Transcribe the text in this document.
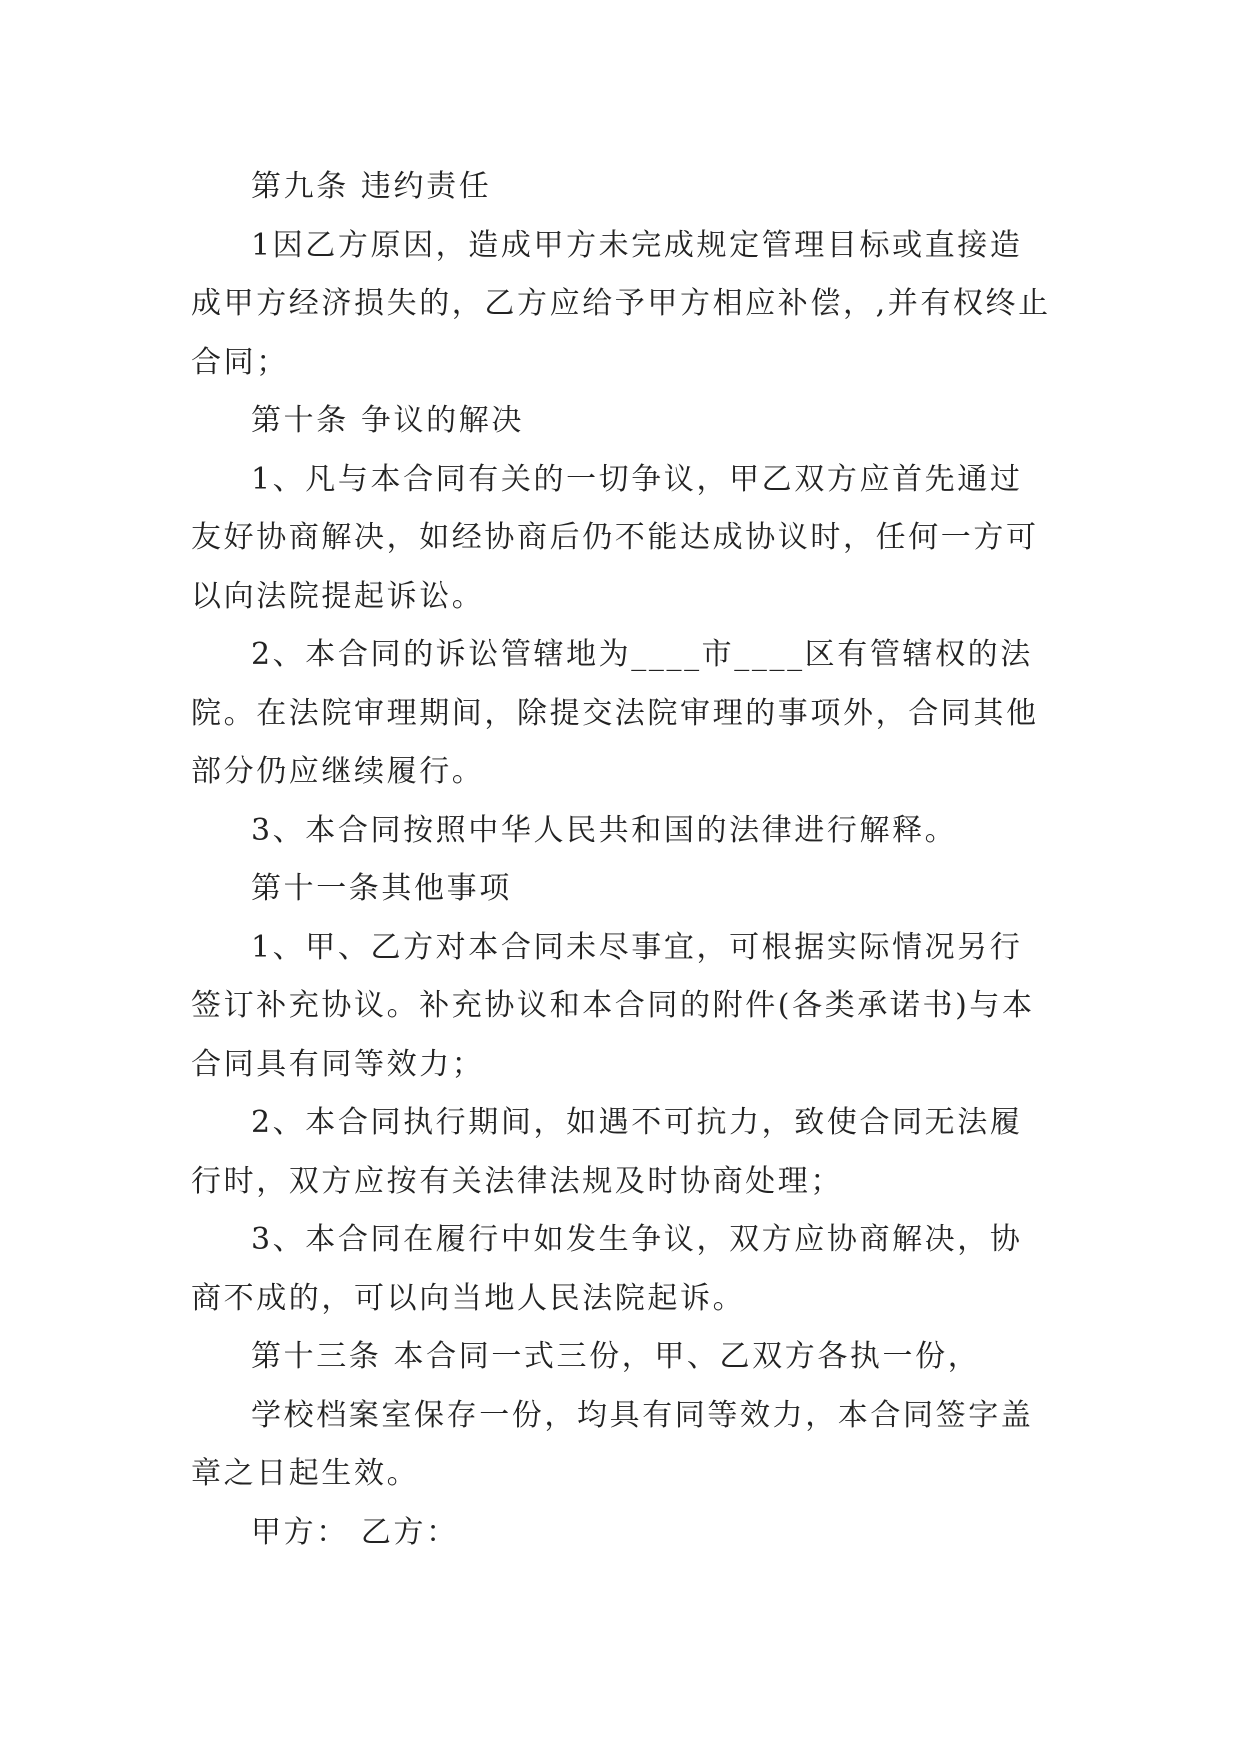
第九条 违约责任

1因乙方原因，造成甲方未完成规定管理目标或直接造成甲方经济损失的，乙方应给予甲方相应补偿，,并有权终止合同；

第十条 争议的解决

1、凡与本合同有关的一切争议，甲乙双方应首先通过友好协商解决，如经协商后仍不能达成协议时，任何一方可以向法院提起诉讼。

2、本合同的诉讼管辖地为____市____区有管辖权的法院。在法院审理期间，除提交法院审理的事项外，合同其他部分仍应继续履行。

3、本合同按照中华人民共和国的法律进行解释。

第十一条其他事项

1、甲、乙方对本合同未尽事宜，可根据实际情况另行签订补充协议。补充协议和本合同的附件(各类承诺书)与本合同具有同等效力；

2、本合同执行期间，如遇不可抗力，致使合同无法履行时，双方应按有关法律法规及时协商处理；

3、本合同在履行中如发生争议，双方应协商解决，协商不成的，可以向当地人民法院起诉。

第十三条 本合同一式三份，甲、乙双方各执一份，

学校档案室保存一份，均具有同等效力，本合同签字盖章之日起生效。

甲方： 乙方：
